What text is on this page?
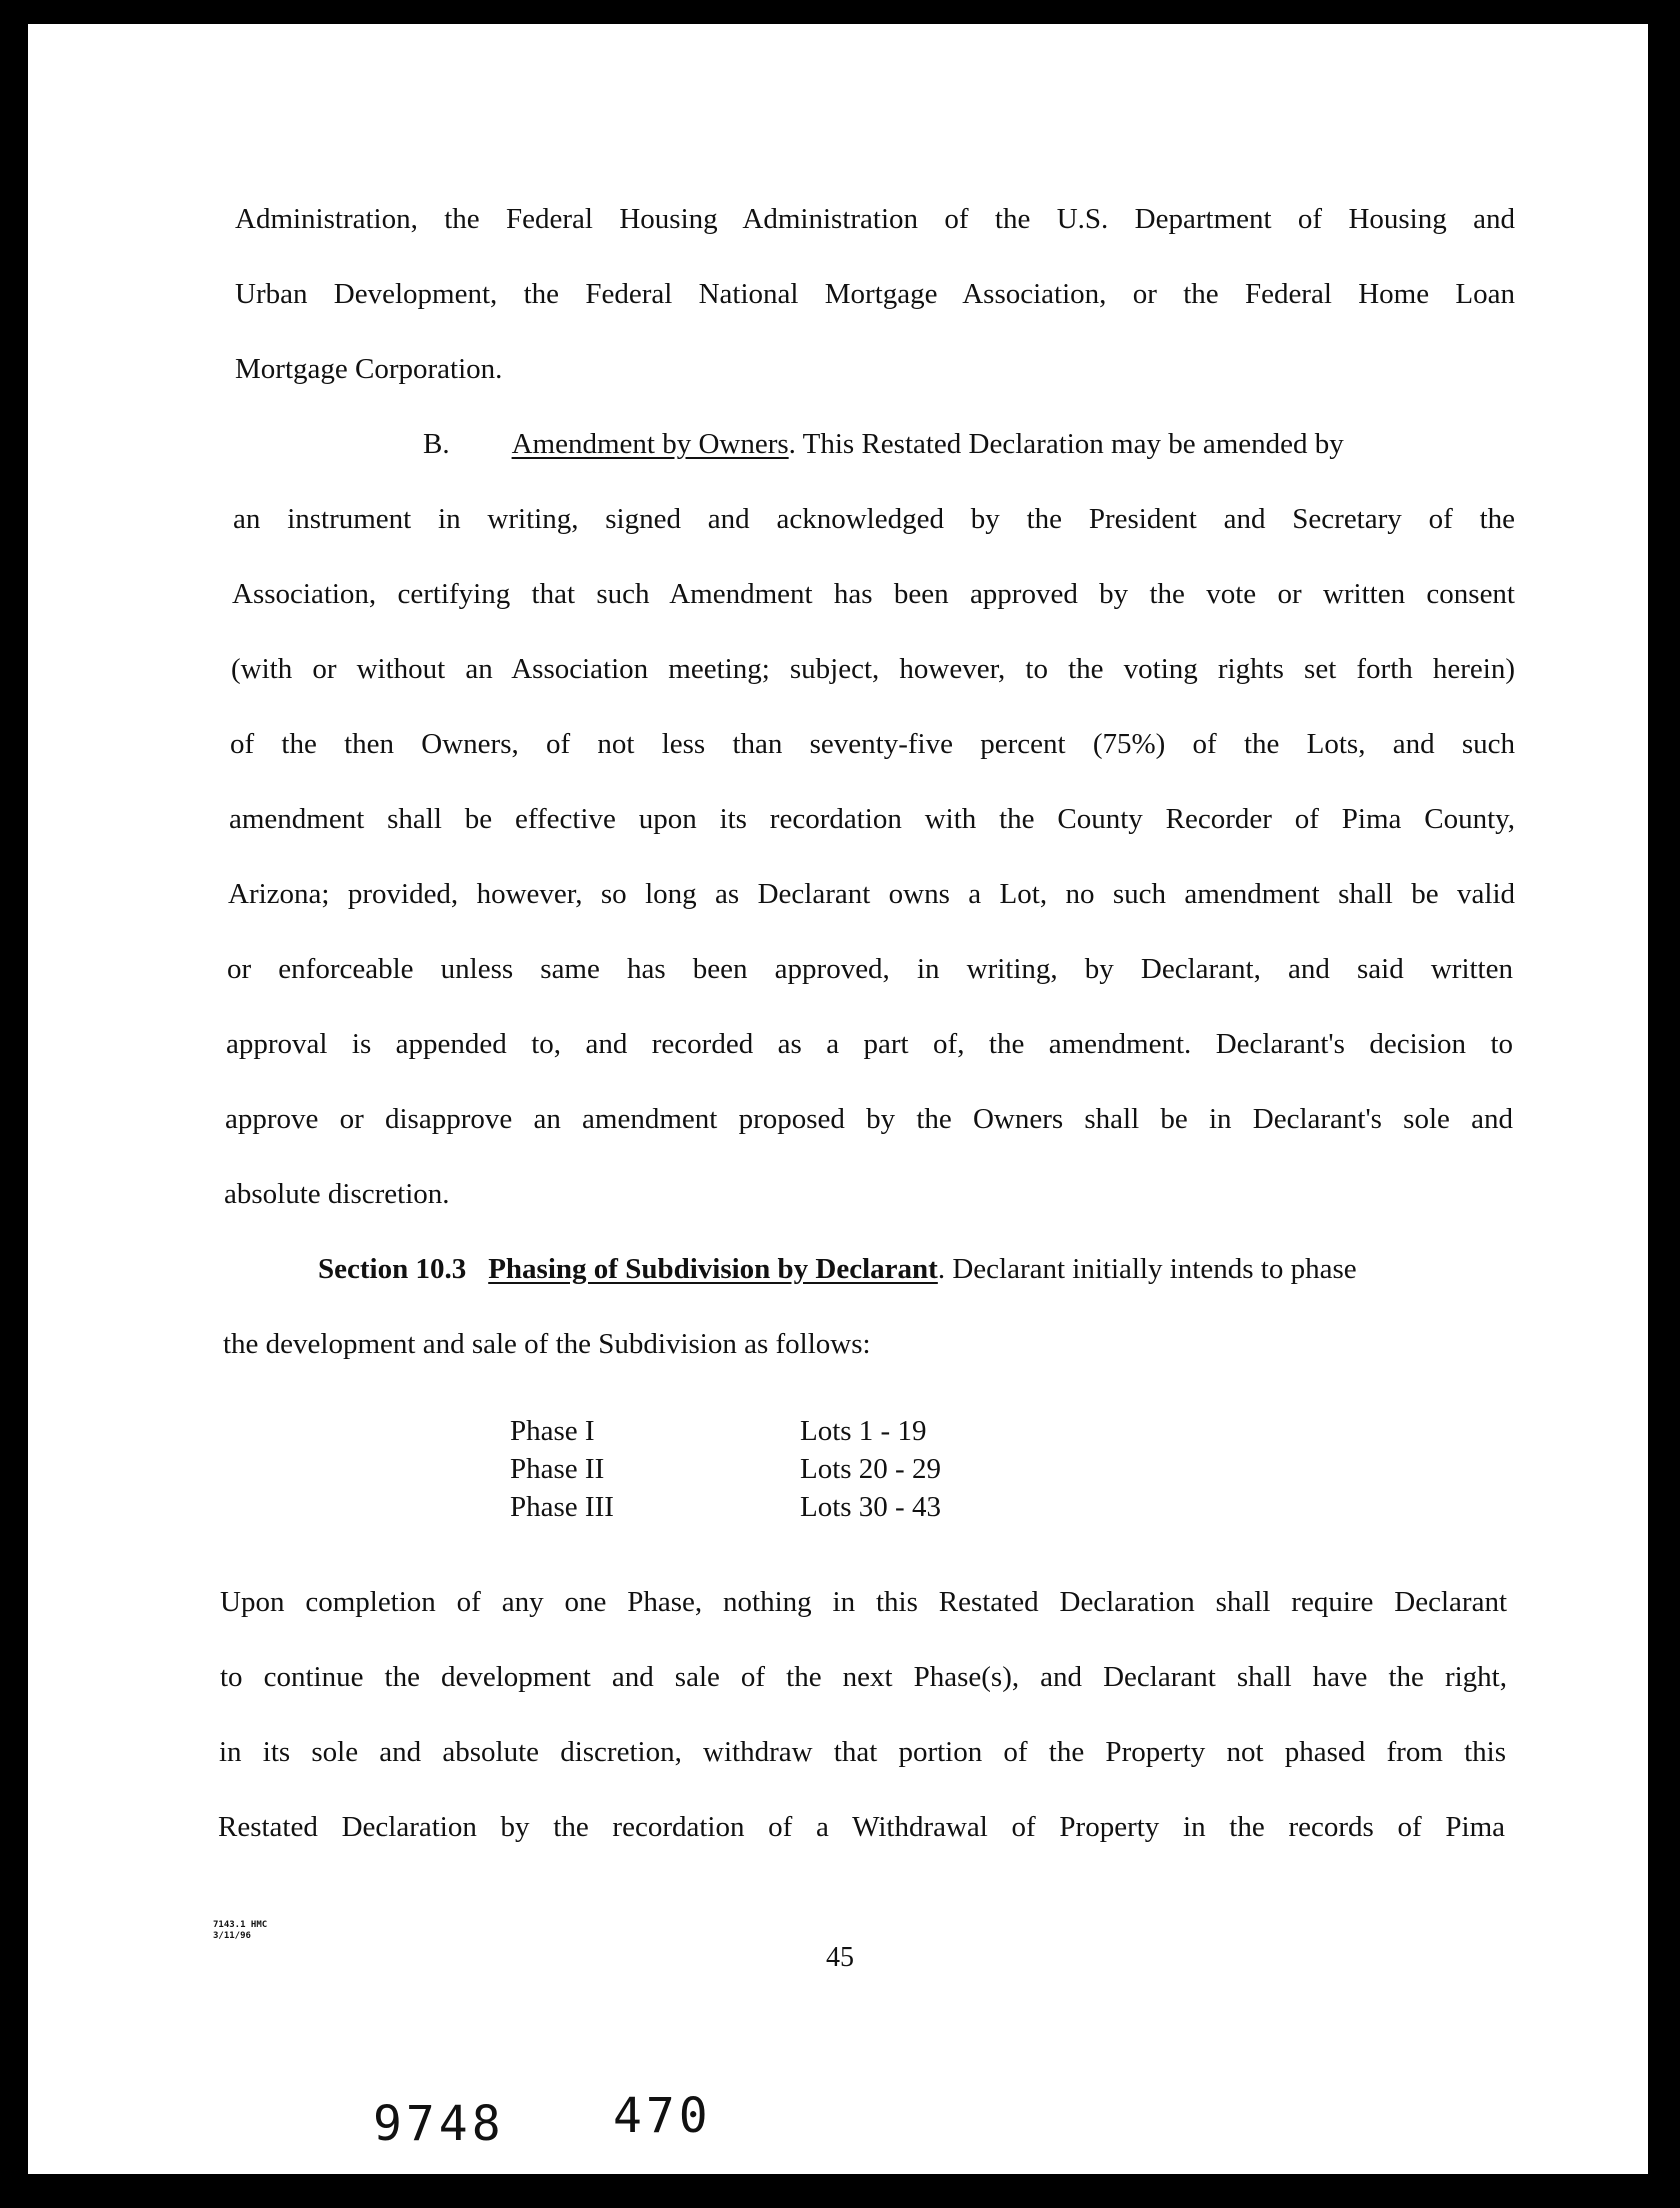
Administration, the Federal Housing Administration of the U.S. Department of Housing and
Urban Development, the Federal National Mortgage Association, or the Federal Home Loan
Mortgage Corporation.
B. Amendment by Owners. This Restated Declaration may be amended by
an instrument in writing, signed and acknowledged by the President and Secretary of the
Association, certifying that such Amendment has been approved by the vote or written consent
(with or without an Association meeting; subject, however, to the voting rights set forth herein)
of the then Owners, of not less than seventy-five percent (75%) of the Lots, and such
amendment shall be effective upon its recordation with the County Recorder of Pima County,
Arizona; provided, however, so long as Declarant owns a Lot, no such amendment shall be valid
or enforceable unless same has been approved, in writing, by Declarant, and said written
approval is appended to, and recorded as a part of, the amendment. Declarant's decision to
approve or disapprove an amendment proposed by the Owners shall be in Declarant's sole and
absolute discretion.
Section 10.3 Phasing of Subdivision by Declarant . Declarant initially intends to phase
the development and sale of the Subdivision as follows:
Phase I	Lots 1 - 19
Phase II	Lots 20 - 29
Phase III	Lots 30 - 43
Upon completion of any one Phase, nothing in this Restated Declaration shall require Declarant
to continue the development and sale of the next Phase(s), and Declarant shall have the right,
in its sole and absolute discretion, withdraw that portion of the Property not phased from this
Restated Declaration by the recordation of a Withdrawal of Property in the records of Pima
7143.1 HMC
3/11/96
45
9748 470
